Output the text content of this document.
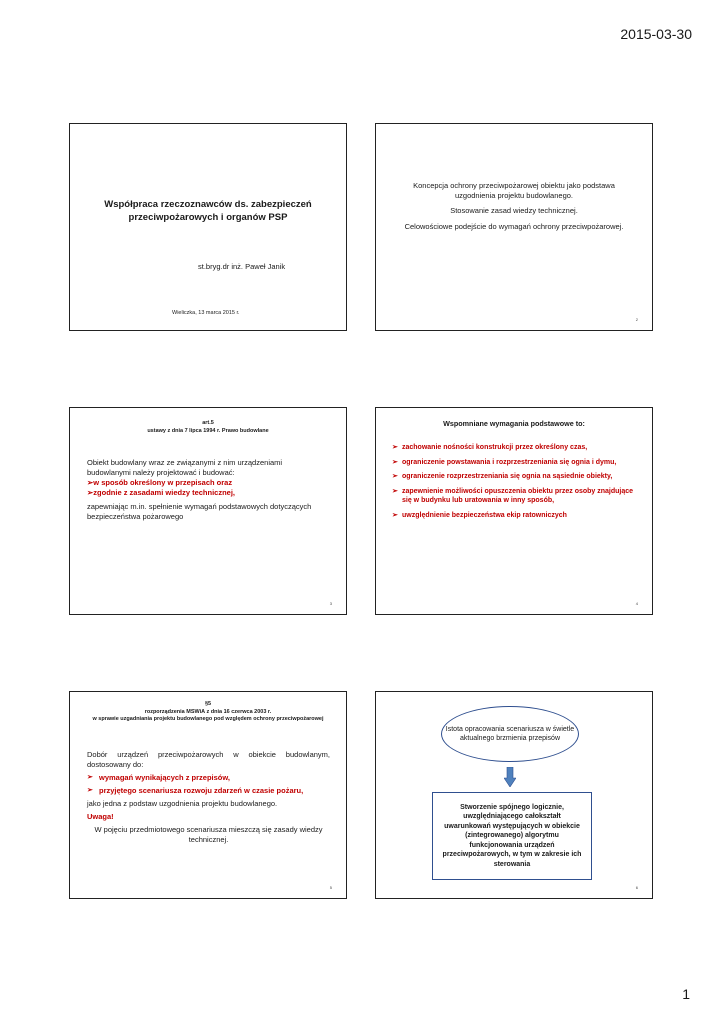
2015-03-30
Współpraca rzeczoznawców ds. zabezpieczeń przeciwpożarowych i organów PSP
st.bryg.dr inż. Paweł Janik
Wieliczka, 13 marca 2015 r.

Koncepcja ochrony przeciwpożarowej obiektu jako podstawa uzgodnienia projektu budowlanego.

Stosowanie zasad wiedzy technicznej.

Celowościowe podejście do wymagań ochrony przeciwpożarowej.

2
art.5
ustawy z dnia 7 lipca 1994 r. Prawo budowlane

Obiekt budowlany wraz ze związanymi z nim urządzeniami budowlanymi należy projektować i budować:

➢w sposób określony w przepisach oraz

➢zgodnie z zasadami wiedzy technicznej,

zapewniając m.in. spełnienie wymagań podstawowych dotyczących bezpieczeństwa pożarowego

3
Wspomniane wymagania podstawowe to:
➢ zachowanie nośności konstrukcji przez określony czas,
➢ ograniczenie powstawania i rozprzestrzeniania się ognia i dymu,
➢ ograniczenie rozprzestrzeniania się ognia na sąsiednie obiekty,
➢ zapewnienie możliwości opuszczenia obiektu przez osoby znajdujące się w budynku lub uratowania w inny sposób,
➢ uwzględnienie bezpieczeństwa ekip ratowniczych
4
§5
rozporządzenia MSWiA z dnia 16 czerwca 2003 r.
w sprawie uzgadniania projektu budowlanego pod względem ochrony przeciwpożarowej

Dobór urządzeń przeciwpożarowych w obiekcie budowlanym, dostosowany do:

➢ wymagań wynikających z przepisów,

➢ przyjętego scenariusza rozwoju zdarzeń w czasie pożaru,

jako jedna z podstaw uzgodnienia projektu budowlanego.

Uwaga!

W pojęciu przedmiotowego scenariusza mieszczą się zasady wiedzy technicznej.

5
Istota opracowania scenariusza w świetle aktualnego brzmienia przepisów
Stworzenie spójnego logicznie, uwzględniającego całokształt uwarunkowań występujących w obiekcie (zintegrowanego) algorytmu funkcjonowania urządzeń przeciwpożarowych, w tym w zakresie ich sterowania
6
1
